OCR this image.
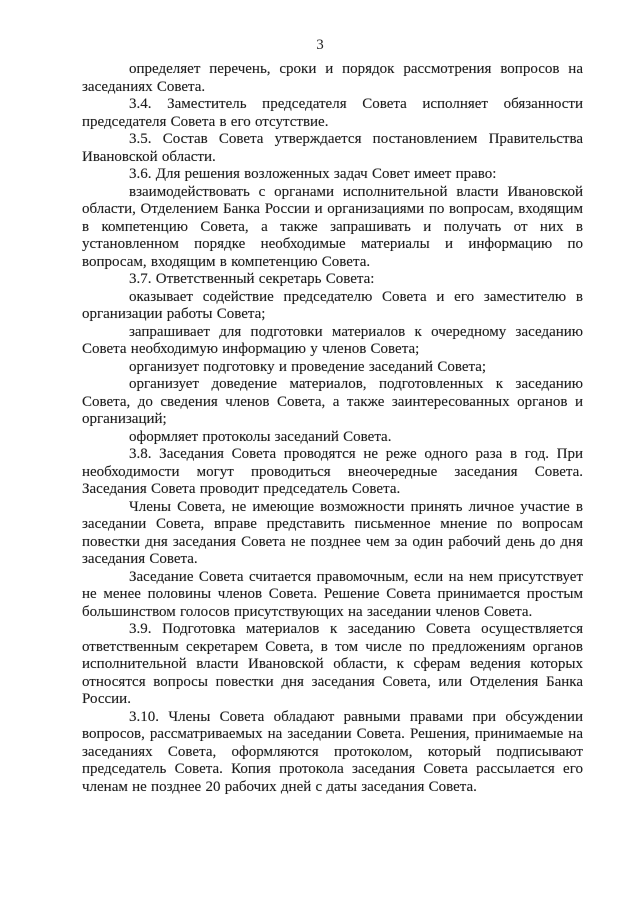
3

определяет перечень, сроки и порядок рассмотрения вопросов на заседаниях Совета.

3.4. Заместитель председателя Совета исполняет обязанности председателя Совета в его отсутствие.

3.5. Состав Совета утверждается постановлением Правительства Ивановской области.

3.6. Для решения возложенных задач Совет имеет право:

взаимодействовать с органами исполнительной власти Ивановской области, Отделением Банка России и организациями по вопросам, входящим в компетенцию Совета, а также запрашивать и получать от них в установленном порядке необходимые материалы и информацию по вопросам, входящим в компетенцию Совета.

3.7. Ответственный секретарь Совета:

оказывает содействие председателю Совета и его заместителю в организации работы Совета;

запрашивает для подготовки материалов к очередному заседанию Совета необходимую информацию у членов Совета;

организует подготовку и проведение заседаний Совета;

организует доведение материалов, подготовленных к заседанию Совета, до сведения членов Совета, а также заинтересованных органов и организаций;

оформляет протоколы заседаний Совета.

3.8. Заседания Совета проводятся не реже одного раза в год. При необходимости могут проводиться внеочередные заседания Совета. Заседания Совета проводит председатель Совета.

Члены Совета, не имеющие возможности принять личное участие в заседании Совета, вправе представить письменное мнение по вопросам повестки дня заседания Совета не позднее чем за один рабочий день до дня заседания Совета.

Заседание Совета считается правомочным, если на нем присутствует не менее половины членов Совета. Решение Совета принимается простым большинством голосов присутствующих на заседании членов Совета.

3.9. Подготовка материалов к заседанию Совета осуществляется ответственным секретарем Совета, в том числе по предложениям органов исполнительной власти Ивановской области, к сферам ведения которых относятся вопросы повестки дня заседания Совета, или Отделения Банка России.

3.10. Члены Совета обладают равными правами при обсуждении вопросов, рассматриваемых на заседании Совета. Решения, принимаемые на заседаниях Совета, оформляются протоколом, который подписывают председатель Совета. Копия протокола заседания Совета рассылается его членам не позднее 20 рабочих дней с даты заседания Совета.
